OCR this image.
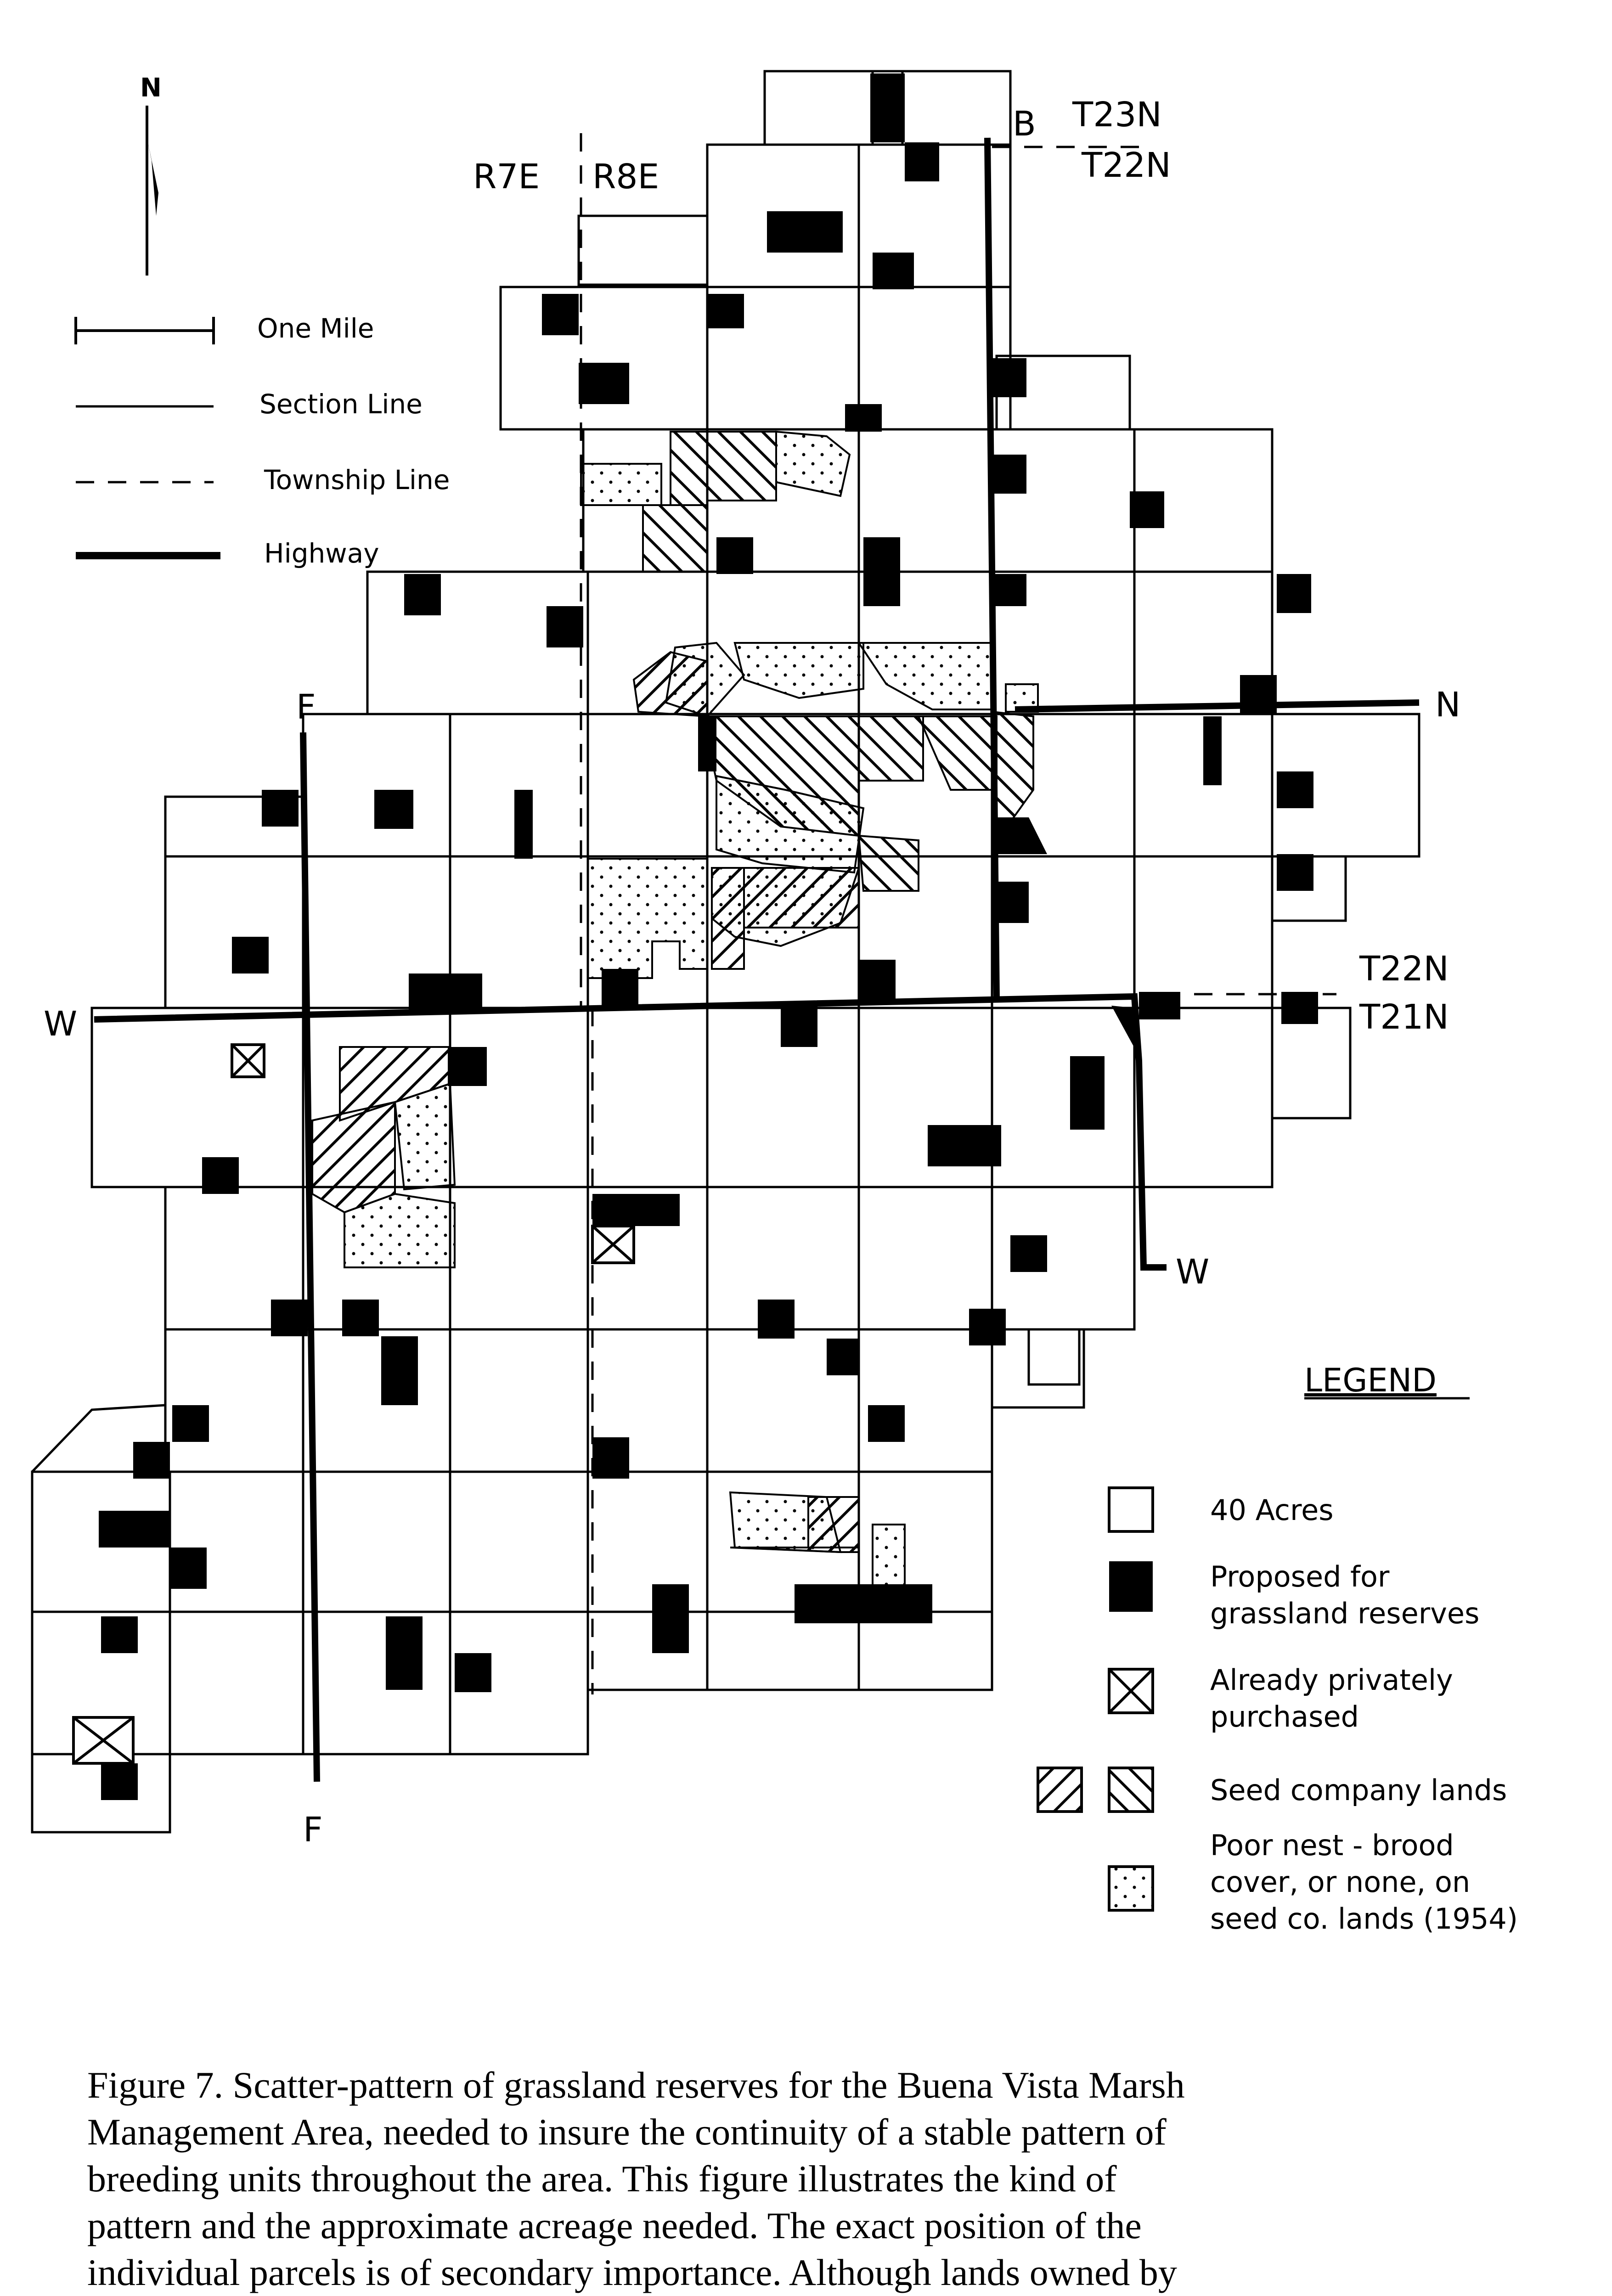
N
One Mile
Section Line
Township Line
Highway
R7E R8E
B T23N
T22N
F	N
T22N
T21N
W
W
F
LEGEND
40 Acres
Proposed for
grassland reserves
Already privately
purchased
Seed company lands
Poor nest - brood
cover, or none, on
seed co. lands (1954)
Figure 7. Scatter-pattern of grassland reserves for the Buena Vista Marsh
Management Area, needed to insure the continuity of a stable pattern of
breeding units throughout the area. This figure illustrates the kind of
pattern and the approximate acreage needed. The exact position of the
individual parcels is of secondary importance. Although lands owned by
